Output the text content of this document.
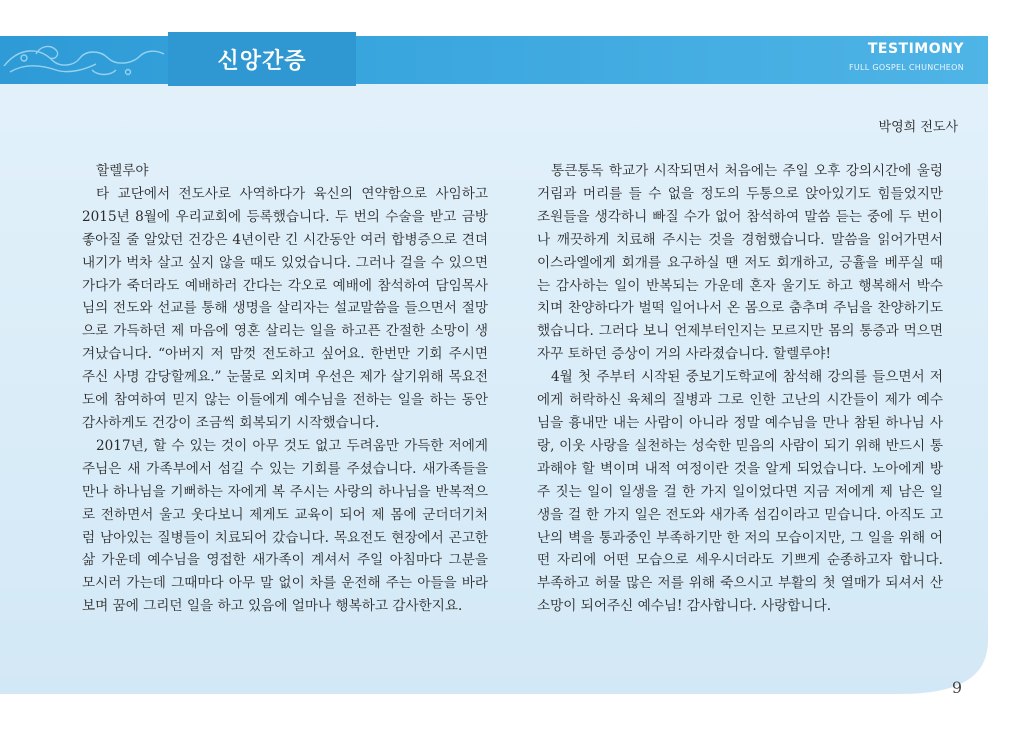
신앙간증	TESTIMONY
FULL GOSPEL CHUNCHEON
박영희 전도사

할렐루야

타 교단에서 전도사로 사역하다가 육신의 연약함으로 사임하고 2015년 8월에 우리교회에 등록했습니다. 두 번의 수술을 받고 금방 좋아질 줄 알았던 건강은 4년이란 긴 시간동안 여러 합병증으로 견뎌내기가 벅차 살고 싶지 않을 때도 있었습니다. 그러나 걸을 수 있으면 가다가 죽더라도 예배하러 간다는 각오로 예배에 참석하여 담임목사님의 전도와 선교를 통해 생명을 살리자는 설교말씀을 들으면서 절망으로 가득하던 제 마음에 영혼 살리는 일을 하고픈 간절한 소망이 생겨났습니다. “아버지 저 맘껏 전도하고 싶어요. 한번만 기회 주시면 주신 사명 감당할께요.” 눈물로 외치며 우선은 제가 살기위해 목요전도에 참여하여 믿지 않는 이들에게 예수님을 전하는 일을 하는 동안 감사하게도 건강이 조금씩 회복되기 시작했습니다.

2017년, 할 수 있는 것이 아무 것도 없고 두려움만 가득한 저에게 주님은 새 가족부에서 섬길 수 있는 기회를 주셨습니다. 새가족들을 만나 하나님을 기뻐하는 자에게 복 주시는 사랑의 하나님을 반복적으로 전하면서 울고 웃다보니 제게도 교육이 되어 제 몸에 군더더기처럼 남아있는 질병들이 치료되어 갔습니다. 목요전도 현장에서 곤고한 삶 가운데 예수님을 영접한 새가족이 계셔서 주일 아침마다 그분을 모시러 가는데 그때마다 아무 말 없이 차를 운전해 주는 아들을 바라보며 꿈에 그리던 일을 하고 있음에 얼마나 행복하고 감사한지요.

통큰통독 학교가 시작되면서 처음에는 주일 오후 강의시간에 울렁거림과 머리를 들 수 없을 정도의 두통으로 앉아있기도 힘들었지만 조원들을 생각하니 빠질 수가 없어 참석하여 말씀 듣는 중에 두 번이나 깨끗하게 치료해 주시는 것을 경험했습니다. 말씀을 읽어가면서 이스라엘에게 회개를 요구하실 땐 저도 회개하고, 긍휼을 베푸실 때는 감사하는 일이 반복되는 가운데 혼자 울기도 하고 행복해서 박수치며 찬양하다가 벌떡 일어나서 온 몸으로 춤추며 주님을 찬양하기도 했습니다. 그러다 보니 언제부터인지는 모르지만 몸의 통증과 먹으면 자꾸 토하던 증상이 거의 사라졌습니다. 할렐루야!

4월 첫 주부터 시작된 중보기도학교에 참석해 강의를 들으면서 저에게 허락하신 육체의 질병과 그로 인한 고난의 시간들이 제가 예수님을 흉내만 내는 사람이 아니라 정말 예수님을 만나 참된 하나님 사랑, 이웃 사랑을 실천하는 성숙한 믿음의 사람이 되기 위해 반드시 통과해야 할 벽이며 내적 여정이란 것을 알게 되었습니다. 노아에게 방주 짓는 일이 일생을 걸 한 가지 일이었다면 지금 저에게 제 남은 일생을 걸 한 가지 일은 전도와 새가족 섬김이라고 믿습니다. 아직도 고난의 벽을 통과중인 부족하기만 한 저의 모습이지만, 그 일을 위해 어떤 자리에 어떤 모습으로 세우시더라도 기쁘게 순종하고자 합니다. 부족하고 허물 많은 저를 위해 죽으시고 부활의 첫 열매가 되셔서 산 소망이 되어주신 예수님! 감사합니다. 사랑합니다.

9
